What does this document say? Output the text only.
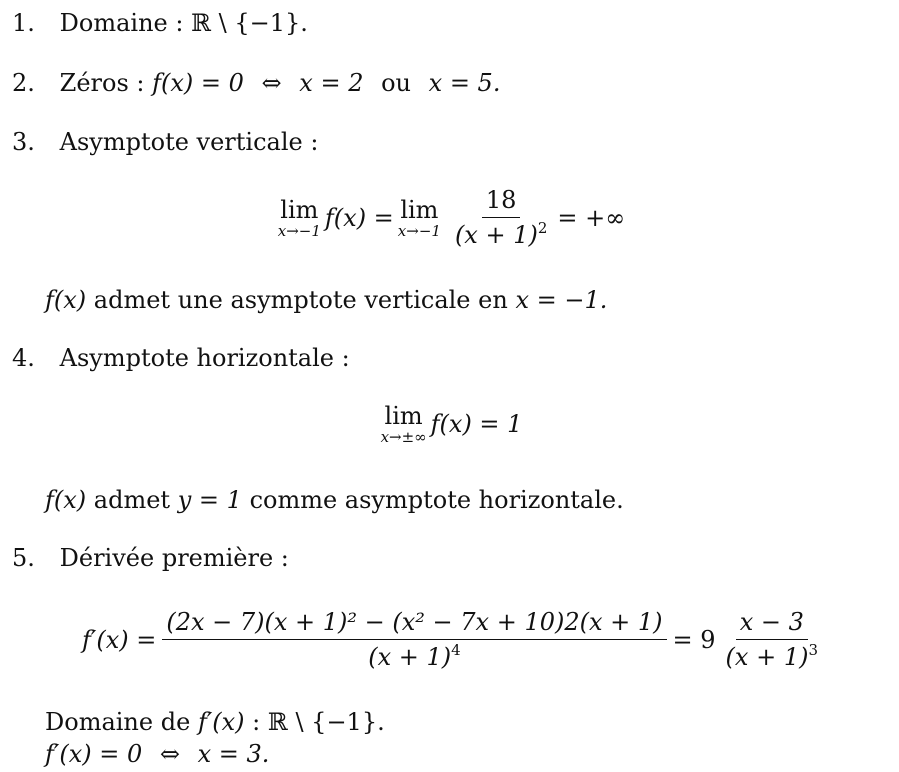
1. Domaine : ℝ \ {−1}.
2. Zéros : f(x) = 0 ⇔ x = 2 ou x = 5.
3. Asymptote verticale :
lim
x→−1 f(x) = lim
$x\to-1 \frac{18}{(x + 1)^2}$ = +∞
f(x) admet une asymptote verticale en x = −1.
4. Asymptote horizontale :
lim
x→±∞ f(x) = 1
f(x) admet y = 1 comme asymptote horizontale.
5. Dérivée première :
$f'(x) = \frac{\text{(2x − 7)(x + 1)² − (x² − 7x + 10)2(x + 1)}}{(x + 1)^4} = 9 \frac{x - 3}{(x + 1)^3}$
Domaine de f′(x) : ℝ \ {−1}.
f′(x) = 0 ⇔ x = 3.
